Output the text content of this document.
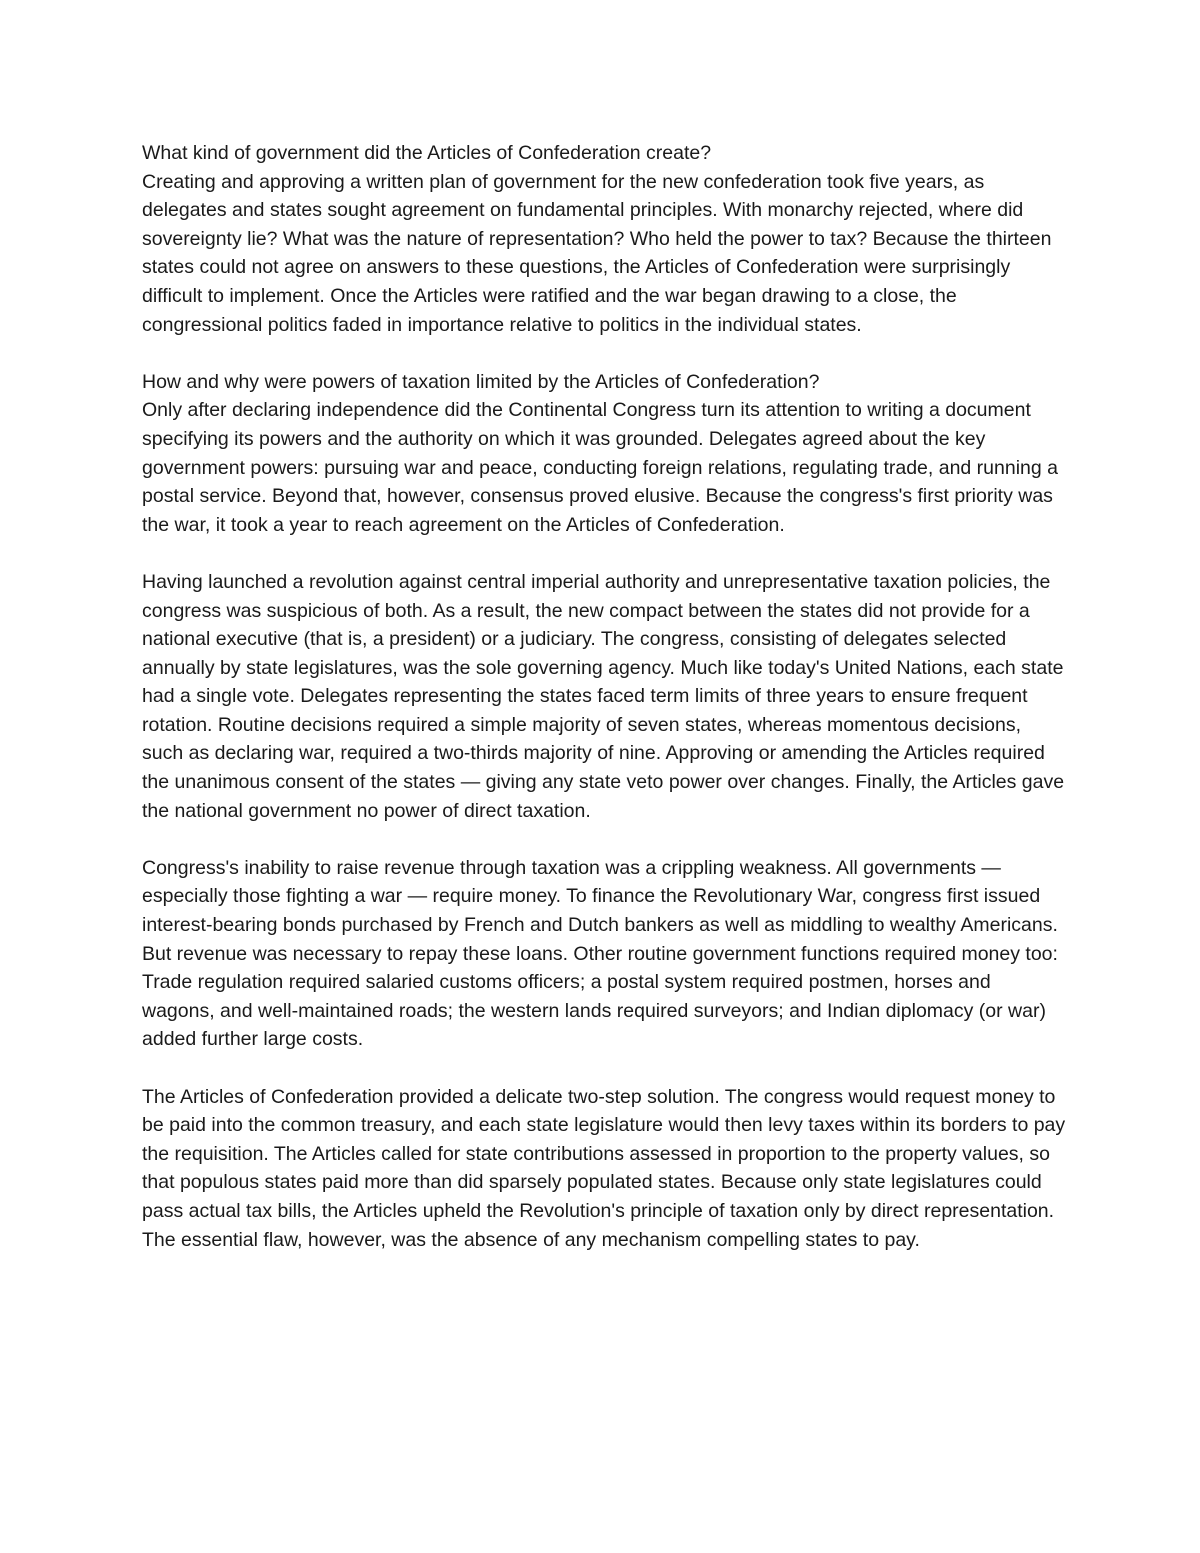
What kind of government did the Articles of Confederation create?

Creating and approving a written plan of government for the new confederation took five years, as delegates and states sought agreement on fundamental principles. With monarchy rejected, where did sovereignty lie? What was the nature of representation? Who held the power to tax? Because the thirteen states could not agree on answers to these questions, the Articles of Confederation were surprisingly difficult to implement. Once the Articles were ratified and the war began drawing to a close, the congressional politics faded in importance relative to politics in the individual states.

How and why were powers of taxation limited by the Articles of Confederation?

Only after declaring independence did the Continental Congress turn its attention to writing a document specifying its powers and the authority on which it was grounded. Delegates agreed about the key government powers: pursuing war and peace, conducting foreign relations, regulating trade, and running a postal service. Beyond that, however, consensus proved elusive. Because the congress's first priority was the war, it took a year to reach agreement on the Articles of Confederation.

Having launched a revolution against central imperial authority and unrepresentative taxation policies, the congress was suspicious of both. As a result, the new compact between the states did not provide for a national executive (that is, a president) or a judiciary. The congress, consisting of delegates selected annually by state legislatures, was the sole governing agency. Much like today's United Nations, each state had a single vote. Delegates representing the states faced term limits of three years to ensure frequent rotation. Routine decisions required a simple majority of seven states, whereas momentous decisions, such as declaring war, required a two-thirds majority of nine. Approving or amending the Articles required the unanimous consent of the states — giving any state veto power over changes. Finally, the Articles gave the national government no power of direct taxation.

Congress's inability to raise revenue through taxation was a crippling weakness. All governments — especially those fighting a war — require money. To finance the Revolutionary War, congress first issued interest-bearing bonds purchased by French and Dutch bankers as well as middling to wealthy Americans. But revenue was necessary to repay these loans. Other routine government functions required money too: Trade regulation required salaried customs officers; a postal system required postmen, horses and wagons, and well-maintained roads; the western lands required surveyors; and Indian diplomacy (or war) added further large costs.

The Articles of Confederation provided a delicate two-step solution. The congress would request money to be paid into the common treasury, and each state legislature would then levy taxes within its borders to pay the requisition. The Articles called for state contributions assessed in proportion to the property values, so that populous states paid more than did sparsely populated states. Because only state legislatures could pass actual tax bills, the Articles upheld the Revolution's principle of taxation only by direct representation. The essential flaw, however, was the absence of any mechanism compelling states to pay.
